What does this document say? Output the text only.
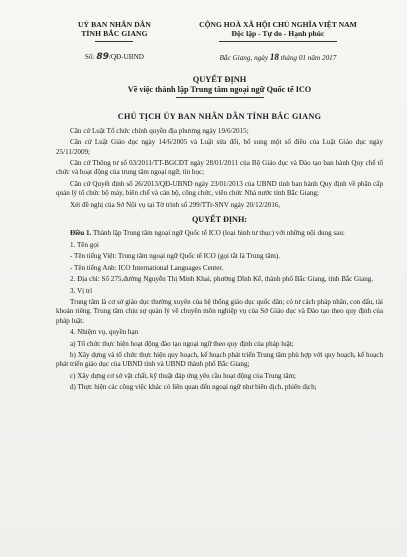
UỶ BAN NHÂN DÂN
TỈNH BẮC GIANG
CỘNG HOÀ XÃ HỘI CHỦ NGHĨA VIỆT NAM
Độc lập - Tự do - Hạnh phúc
Số: 89/QĐ-UBND	Bắc Giang, ngày 18 tháng 01 năm 2017
QUYẾT ĐỊNH
Về việc thành lập Trung tâm ngoại ngữ Quốc tế ICO
CHỦ TỊCH ỦY BAN NHÂN DÂN TỈNH BẮC GIANG

Căn cứ Luật Tổ chức chính quyền địa phương ngày 19/6/2015;

Căn cứ Luật Giáo dục ngày 14/6/2005 và Luật sửa đổi, bổ sung một số điều của Luật Giáo dục ngày 25/11/2009;

Căn cứ Thông tư số 03/2011/TT-BGCĐT ngày 28/01/2011 của Bộ Giáo dục và Đào tạo ban hành Quy chế tổ chức và hoạt động của trung tâm ngoại ngữ, tin học;

Căn cứ Quyết định số 26/2013/QĐ-UBND ngày 23/01/2013 của UBND tỉnh ban hành Quy định về phân cấp quản lý tổ chức bộ máy, biên chế và cán bộ, công chức, viên chức Nhà nước tỉnh Bắc Giang;

Xét đề nghị của Sở Nội vụ tại Tờ trình số 299/TTr-SNV ngày 20/12/2016,

QUYẾT ĐỊNH:

Điều 1. Thành lập Trung tâm ngoại ngữ Quốc tế ICO (loại hình tư thục) với những nội dung sau:

1. Tên gọi

- Tên tiếng Việt: Trung tâm ngoại ngữ Quốc tế ICO (gọi tắt là Trung tâm).

- Tên tiếng Anh: ICO International Languages Center.

2. Địa chỉ: Số 275,đường Nguyễn Thị Minh Khai, phường Dĩnh Kế, thành phố Bắc Giang, tỉnh Bắc Giang.

3. Vị trí

Trung tâm là cơ sở giáo dục thường xuyên của hệ thống giáo dục quốc dân; có tư cách pháp nhân, con dấu, tài khoản riêng. Trung tâm chịu sự quản lý về chuyên môn nghiệp vụ của Sở Giáo dục và Đào tạo theo quy định của pháp luật.

4. Nhiệm vụ, quyền hạn

a) Tổ chức thực hiện hoạt động đào tạo ngoại ngữ theo quy định của pháp luật;

b) Xây dựng và tổ chức thực hiện quy hoạch, kế hoạch phát triển Trung tâm phù hợp với quy hoạch, kế hoạch phát triển giáo dục của UBND tỉnh và UBND thành phố Bắc Giang;

c) Xây dựng cơ sở vật chất, kỹ thuật đáp ứng yêu cầu hoạt động của Trung tâm;

d) Thực hiện các công việc khác có liên quan đến ngoại ngữ như biên dịch, phiên dịch;
